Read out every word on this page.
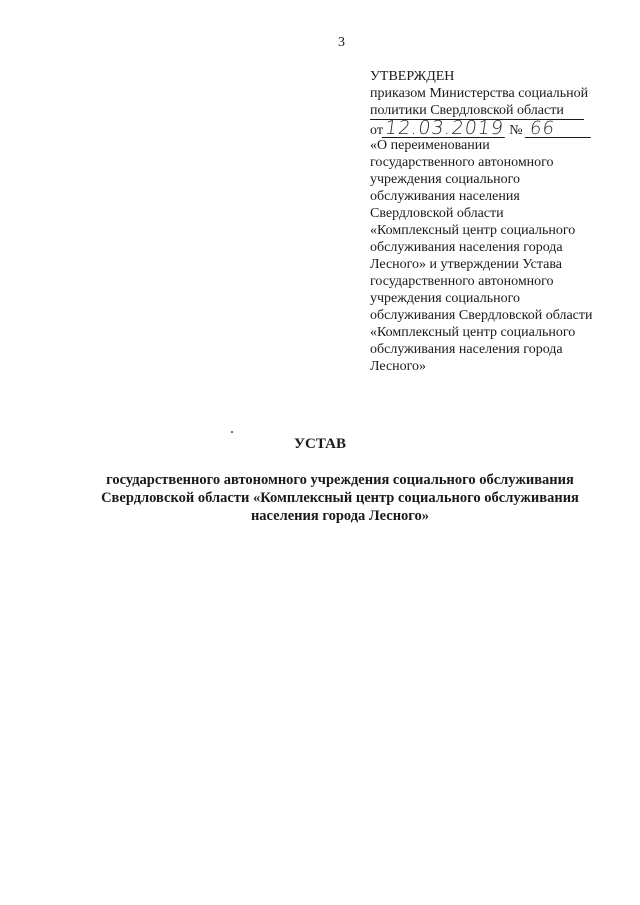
3
УТВЕРЖДЕН
приказом Министерства социальной
политики Свердловской области
от12.03.2019 № 66
«О переименовании
государственного автономного
учреждения социального
обслуживания населения
Свердловской области
«Комплексный центр социального
обслуживания населения города
Лесного» и утверждении Устава
государственного автономного
учреждения социального
обслуживания Свердловской области
«Комплексный центр социального
обслуживания населения города
Лесного»
УСТАВ
государственного автономного учреждения социального обслуживания
Свердловской области «Комплексный центр социального обслуживания
населения города Лесного»
